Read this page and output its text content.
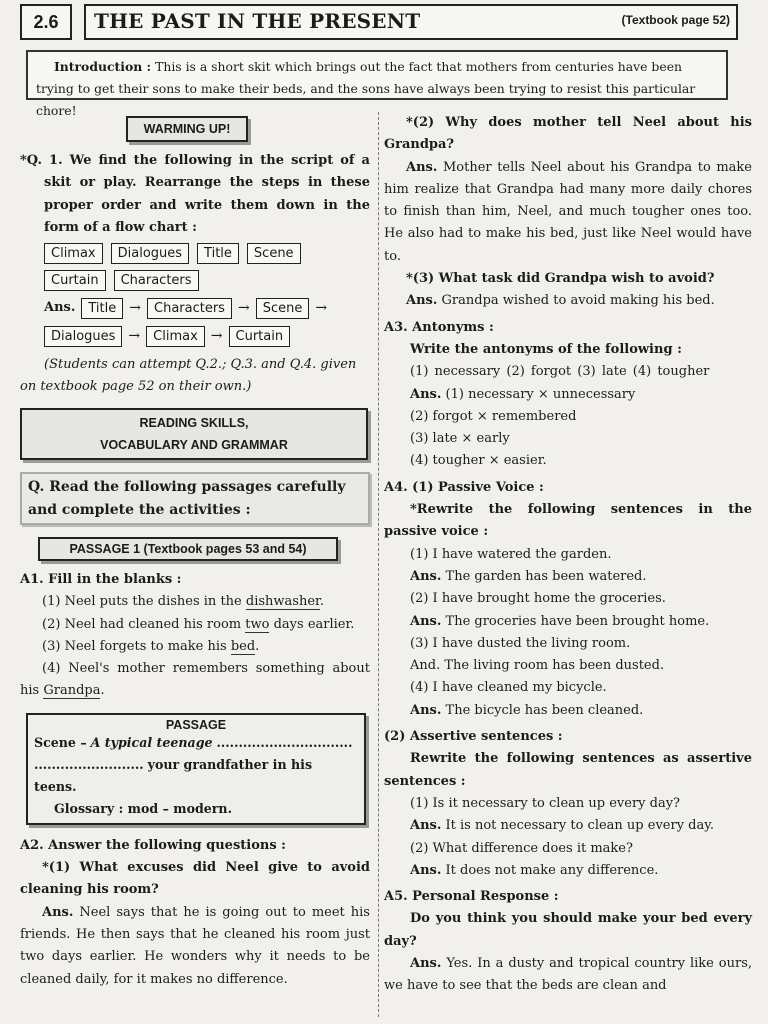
2.6	THE PAST IN THE PRESENT	(Textbook page 52)
Introduction : This is a short skit which brings out the fact that mothers from centuries have been trying to get their sons to make their beds, and the sons have always been trying to resist this particular chore!
WARMING UP!

*Q. 1. We find the following in the script of a skit or play. Rearrange the steps in these proper order and write them down in the form of a flow chart :

Climax	Dialogues	Title	Scene
Curtain	Characters
Ans.	Title →	Characters →	Scene →
Dialogues →	Climax →	Curtain

(Students can attempt Q.2.; Q.3. and Q.4. given on textbook page 52 on their own.)

READING SKILLS,
VOCABULARY AND GRAMMAR

Q. Read the following passages carefully and complete the activities :

PASSAGE 1 (Textbook pages 53 and 54)

A1. Fill in the blanks :

(1) Neel puts the dishes in the dishwasher.

(2) Neel had cleaned his room two days earlier.

(3) Neel forgets to make his bed.

(4) Neel's mother remembers something about his Grandpa.

PASSAGE
Scene – A typical teenage ...............................
......................... your grandfather in his teens.
Glossary : mod – modern.

A2. Answer the following questions :

*(1) What excuses did Neel give to avoid cleaning his room?

Ans. Neel says that he is going out to meet his friends. He then says that he cleaned his room just two days earlier. He wonders why it needs to be cleaned daily, for it makes no difference.

*(2) Why does mother tell Neel about his Grandpa?

Ans. Mother tells Neel about his Grandpa to make him realize that Grandpa had many more daily chores to finish than him, Neel, and much tougher ones too. He also had to make his bed, just like Neel would have to.

*(3) What task did Grandpa wish to avoid?

Ans. Grandpa wished to avoid making his bed.

A3. Antonyms :

Write the antonyms of the following :

(1) necessary (2) forgot (3) late (4) tougher

Ans. (1) necessary × unnecessary

(2) forgot × remembered

(3) late × early

(4) tougher × easier.

A4. (1) Passive Voice :

*Rewrite the following sentences in the passive voice :

(1) I have watered the garden.

Ans. The garden has been watered.

(2) I have brought home the groceries.

Ans. The groceries have been brought home.

(3) I have dusted the living room.

And. The living room has been dusted.

(4) I have cleaned my bicycle.

Ans. The bicycle has been cleaned.

(2) Assertive sentences :

Rewrite the following sentences as assertive sentences :

(1) Is it necessary to clean up every day?

Ans. It is not necessary to clean up every day.

(2) What difference does it make?

Ans. It does not make any difference.

A5. Personal Response :

Do you think you should make your bed every day?

Ans. Yes. In a dusty and tropical country like ours, we have to see that the beds are clean and
